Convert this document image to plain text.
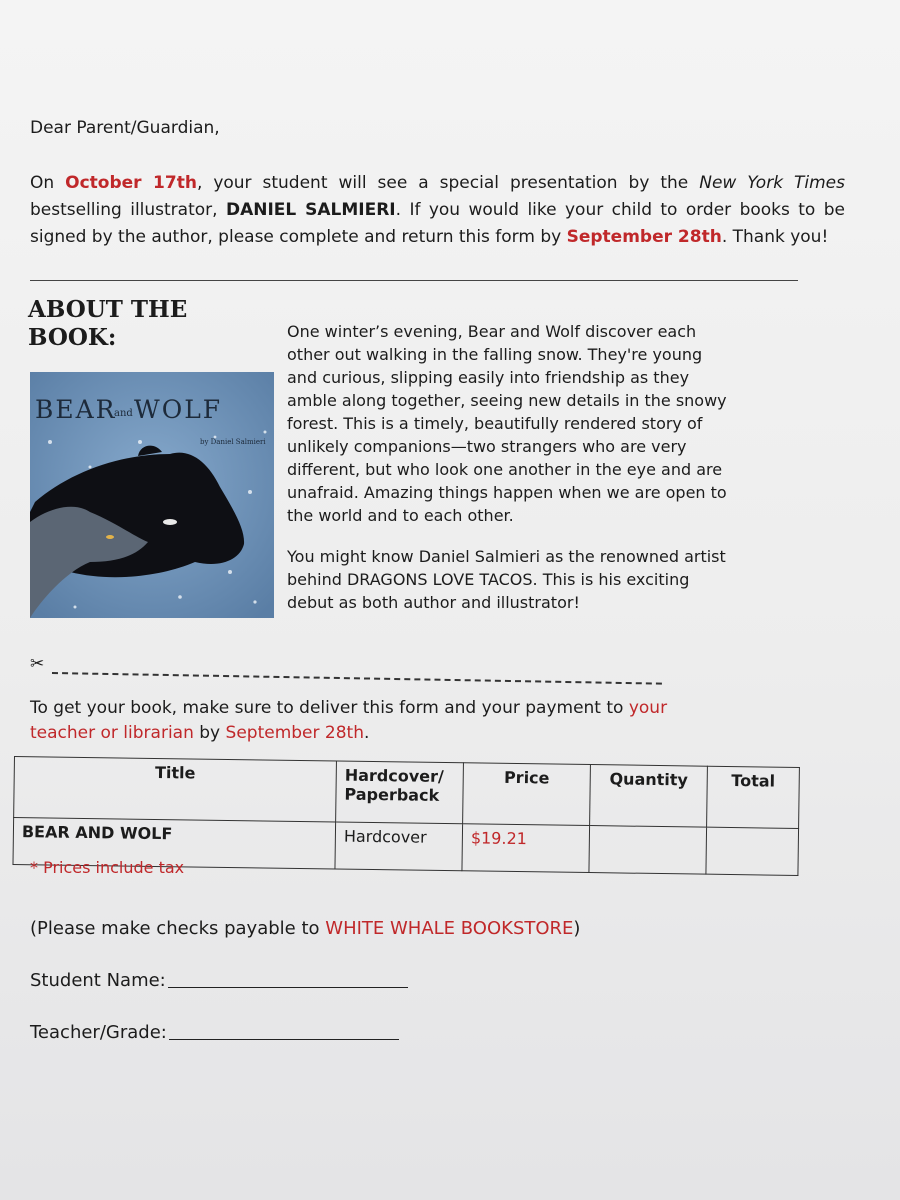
Dear Parent/Guardian,
On October 17th, your student will see a special presentation by the New York Times bestselling illustrator, DANIEL SALMIERI. If you would like your child to order books to be signed by the author, please complete and return this form by September 28th. Thank you!
ABOUT THE BOOK:
BEAR
and WOLF
by Daniel Salmieri

One winter’s evening, Bear and Wolf discover each other out walking in the falling snow. They're young and curious, slipping easily into friendship as they amble along together, seeing new details in the snowy forest. This is a timely, beautifully rendered story of unlikely companions—two strangers who are very different, but who look one another in the eye and are unafraid. Amazing things happen when we are open to the world and to each other.

You might know Daniel Salmieri as the renowned artist behind DRAGONS LOVE TACOS. This is his exciting debut as both author and illustrator!

✂
To get your book, make sure to deliver this form and your payment to your teacher or librarian by September 28th.
Title	Hardcover/ Paperback	Price	Quantity	Total
BEAR AND WOLF	Hardcover	$19.21		
* Prices include tax
(Please make checks payable to WHITE WHALE BOOKSTORE)
Student Name:
Teacher/Grade:
